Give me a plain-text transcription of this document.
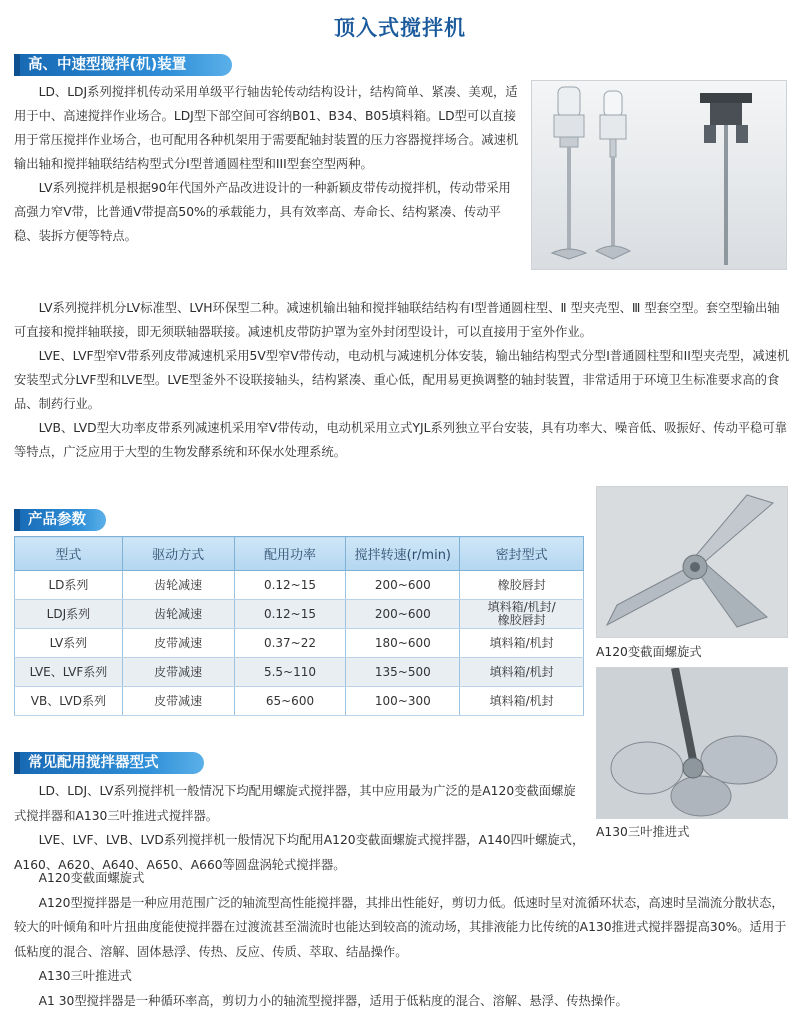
顶入式搅拌机
高、中速型搅拌(机)装置

LD、LDJ系列搅拌机传动采用单级平行轴齿轮传动结构设计，结构简单、紧凑、美观，适用于中、高速搅拌作业场合。LDJ型下部空间可容纳B01、B34、B05填料箱。LD型可以直接用于常压搅拌作业场合，也可配用各种机架用于需要配轴封装置的压力容器搅拌场合。减速机输出轴和搅拌轴联结结构型式分I型普通圆柱型和III型套空型两种。

LV系列搅拌机是根据90年代国外产品改进设计的一种新颖皮带传动搅拌机，传动带采用高强力窄V带，比普通V带提高50%的承载能力，具有效率高、寿命长、结构紧凑、传动平稳、装拆方便等特点。

LV系列搅拌机分LV标准型、LVH环保型二种。减速机输出轴和搅拌轴联结结构有I型普通圆柱型、Ⅱ 型夹壳型、Ⅲ 型套空型。套空型输出轴可直接和搅拌轴联接，即无须联轴器联接。减速机皮带防护罩为室外封闭型设计，可以直接用于室外作业。

LVE、LVF型窄V带系列皮带减速机采用5V型窄V带传动，电动机与减速机分体安装，输出轴结构型式分型I普通圆柱型和II型夹壳型，减速机安装型式分LVF型和LVE型。LVE型釜外不设联接轴头，结构紧凑、重心低，配用易更换调整的轴封装置，非常适用于环境卫生标准要求高的食品、制药行业。

LVB、LVD型大功率皮带系列减速机采用窄V带传动，电动机采用立式YJL系列独立平台安装，具有功率大、噪音低、吸振好、传动平稳可靠等特点，广泛应用于大型的生物发酵系统和环保水处理系统。

产品参数
型式	驱动方式	配用功率	搅拌转速(r/min)	密封型式
LD系列	齿轮减速	0.12~15	200~600	橡胶唇封
LDJ系列	齿轮减速	0.12~15	200~600	填料箱/机封/
橡胶唇封
LV系列	皮带减速	0.37~22	180~600	填料箱/机封
LVE、LVF系列	皮带减速	5.5~110	135~500	填料箱/机封
VB、LVD系列	皮带减速	65~600	100~300	填料箱/机封
A120变截面螺旋式
A130三叶推进式
常见配用搅拌器型式

LD、LDJ、LV系列搅拌机一般情况下均配用螺旋式搅拌器，其中应用最为广泛的是A120变截面螺旋式搅拌器和A130三叶推进式搅拌器。

LVE、LVF、LVB、LVD系列搅拌机一般情况下均配用A120变截面螺旋式搅拌器，A140四叶螺旋式，A160、A620、A640、A650、A660等圆盘涡轮式搅拌器。

A120变截面螺旋式

A120型搅拌器是一种应用范围广泛的轴流型高性能搅拌器，其排出性能好，剪切力低。低速时呈对流循环状态，高速时呈湍流分散状态，较大的叶倾角和叶片扭曲度能使搅拌器在过渡流甚至湍流时也能达到较高的流动场，其排液能力比传统的A130推进式搅拌器提高30%。适用于低粘度的混合、溶解、固体悬浮、传热、反应、传质、萃取、结晶操作。

A130三叶推进式

A1 30型搅拌器是一种循环率高，剪切力小的轴流型搅拌器，适用于低粘度的混合、溶解、悬浮、传热操作。
